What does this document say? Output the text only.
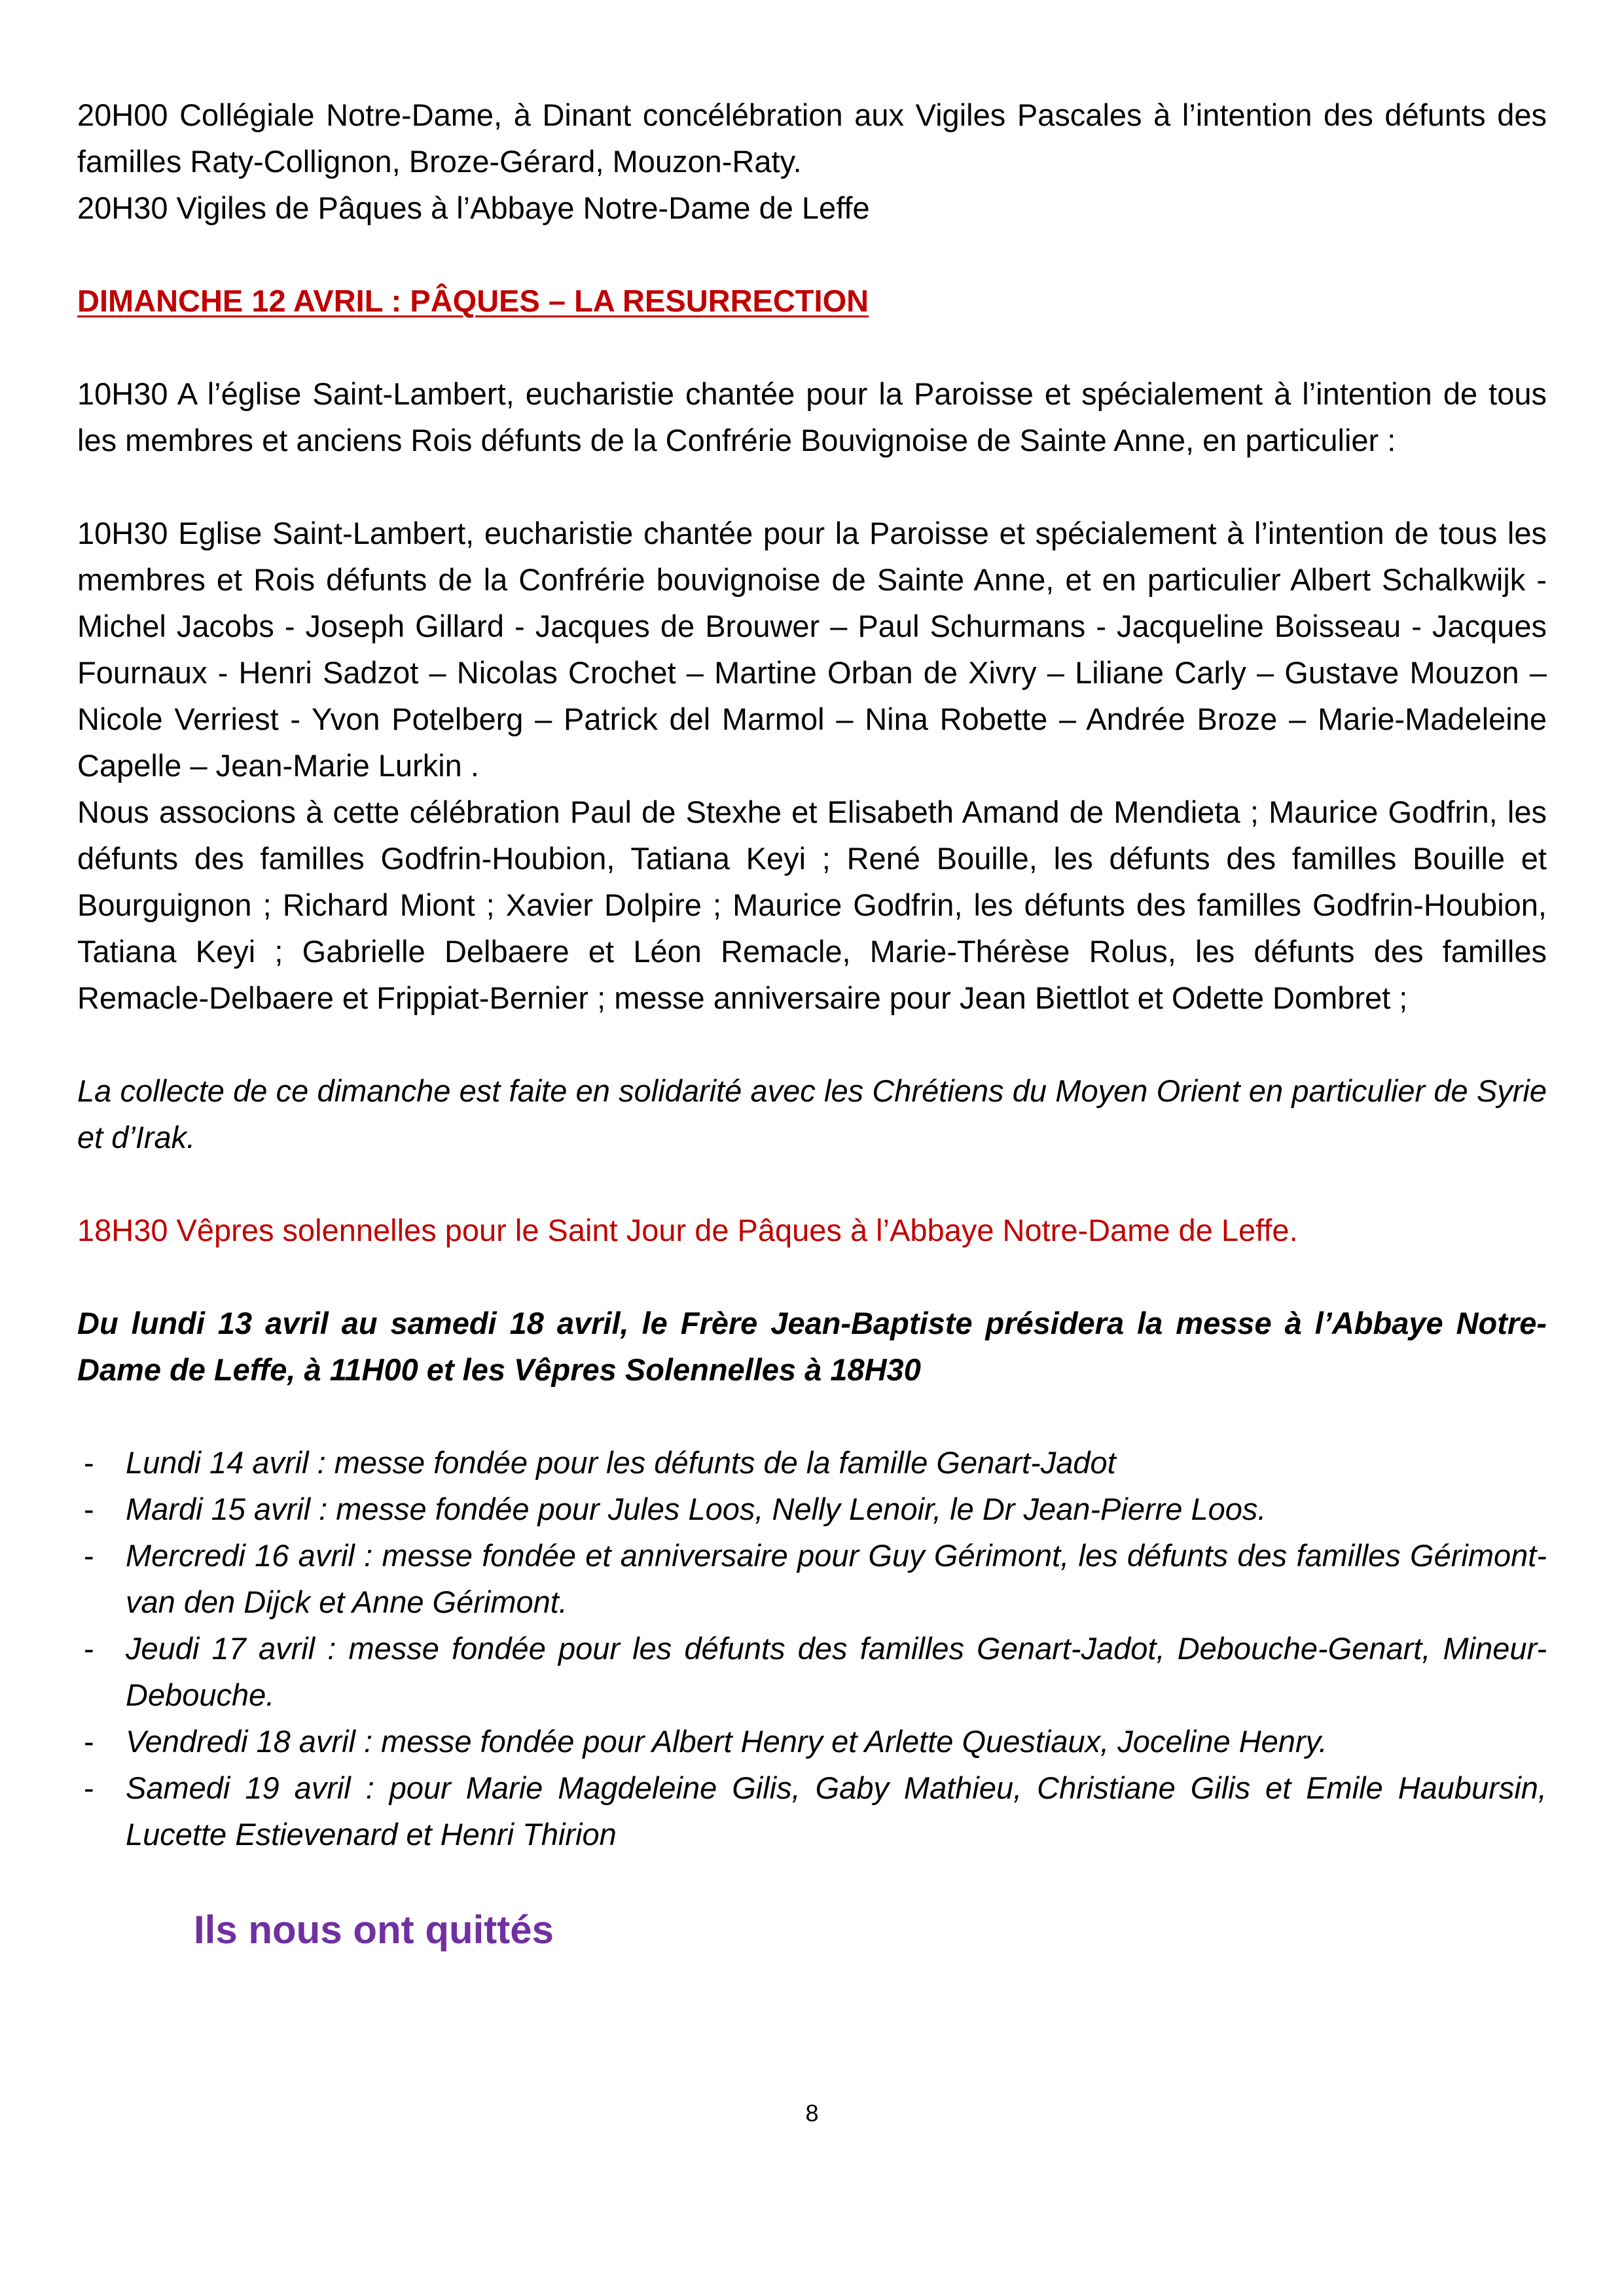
20H00 Collégiale Notre-Dame, à Dinant concélébration aux Vigiles Pascales à l’intention des défunts des familles Raty-Collignon, Broze-Gérard, Mouzon-Raty.

20H30 Vigiles de Pâques à l’Abbaye Notre-Dame de Leffe

DIMANCHE 12 AVRIL : PÂQUES – LA RESURRECTION

10H30 A l’église Saint-Lambert, eucharistie chantée pour la Paroisse et spécialement à l’intention de tous les membres et anciens Rois défunts de la Confrérie Bouvignoise de Sainte Anne, en particulier :

10H30 Eglise Saint-Lambert, eucharistie chantée pour la Paroisse et spécialement à l’intention de tous les membres et Rois défunts de la Confrérie bouvignoise de Sainte Anne, et en particulier Albert Schalkwijk - Michel Jacobs - Joseph Gillard - Jacques de Brouwer – Paul Schurmans - Jacqueline Boisseau - Jacques Fournaux - Henri Sadzot – Nicolas Crochet – Martine Orban de Xivry – Liliane Carly – Gustave Mouzon – Nicole Verriest - Yvon Potelberg – Patrick del Marmol – Nina Robette – Andrée Broze – Marie-Madeleine Capelle – Jean-Marie Lurkin .

Nous associons à cette célébration Paul de Stexhe et Elisabeth Amand de Mendieta ; Maurice Godfrin, les défunts des familles Godfrin-Houbion, Tatiana Keyi ; René Bouille, les défunts des familles Bouille et Bourguignon ; Richard Miont ; Xavier Dolpire ; Maurice Godfrin, les défunts des familles Godfrin-Houbion, Tatiana Keyi ; Gabrielle Delbaere et Léon Remacle, Marie-Thérèse Rolus, les défunts des familles Remacle-Delbaere et Frippiat-Bernier ; messe anniversaire pour Jean Biettlot et Odette Dombret ;

La collecte de ce dimanche est faite en solidarité avec les Chrétiens du Moyen Orient en particulier de Syrie et d’Irak.

18H30 Vêpres solennelles pour le Saint Jour de Pâques à l’Abbaye Notre-Dame de Leffe.

Du lundi 13 avril au samedi 18 avril, le Frère Jean-Baptiste présidera la messe à l’Abbaye Notre-Dame de Leffe, à 11H00 et les Vêpres Solennelles à 18H30

- Lundi 14 avril : messe fondée pour les défunts de la famille Genart-Jadot
- Mardi 15 avril : messe fondée pour Jules Loos, Nelly Lenoir, le Dr Jean-Pierre Loos.
- Mercredi 16 avril : messe fondée et anniversaire pour Guy Gérimont, les défunts des familles Gérimont-van den Dijck et Anne Gérimont.
- Jeudi 17 avril : messe fondée pour les défunts des familles Genart-Jadot, Debouche-Genart, Mineur-Debouche.
- Vendredi 18 avril : messe fondée pour Albert Henry et Arlette Questiaux, Joceline Henry.
- Samedi 19 avril : pour Marie Magdeleine Gilis, Gaby Mathieu, Christiane Gilis et Emile Haubursin, Lucette Estievenard et Henri Thirion

Ils nous ont quittés

8
